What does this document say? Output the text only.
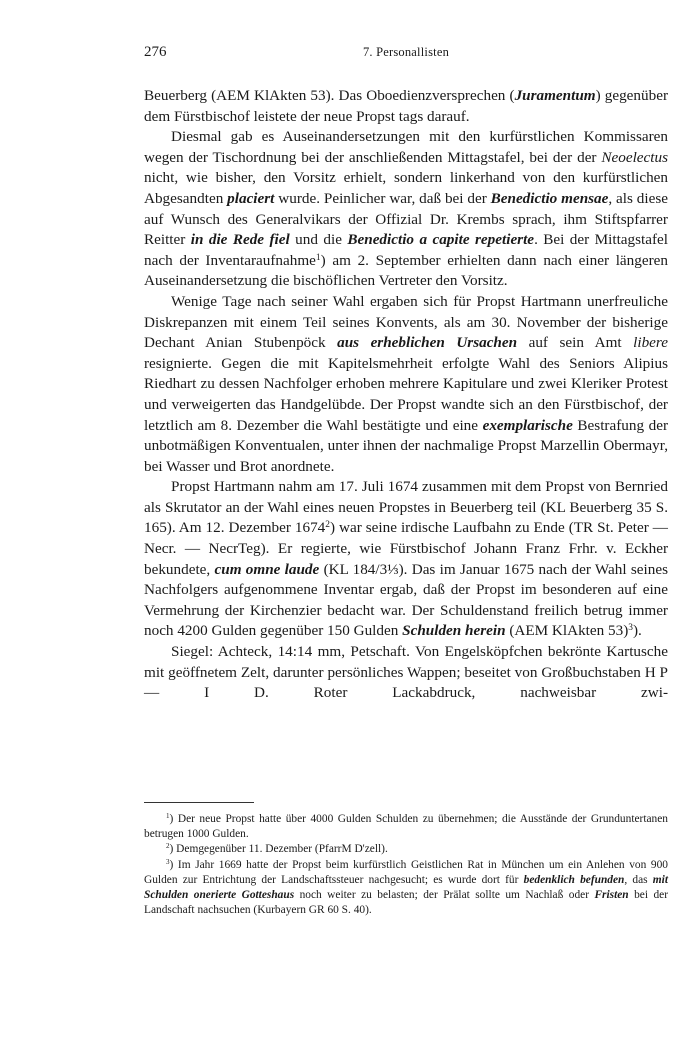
276	7. Personallisten

Beuerberg (AEM KlAkten 53). Das Oboedienzversprechen (Juramentum) gegenüber dem Fürstbischof leistete der neue Propst tags darauf.

Diesmal gab es Auseinandersetzungen mit den kurfürstlichen Kommissaren wegen der Tischordnung bei der anschließenden Mittagstafel, bei der der Neoelectus nicht, wie bisher, den Vorsitz erhielt, sondern linkerhand von den kurfürstlichen Abgesandten placiert wurde. Peinlicher war, daß bei der Benedictio mensae, als diese auf Wunsch des Generalvikars der Offizial Dr. Krembs sprach, ihm Stiftspfarrer Reitter in die Rede fiel und die Benedictio a capite repetierte. Bei der Mittagstafel nach der Inventaraufnahme$^1$) am 2. September erhielten dann nach einer längeren Auseinandersetzung die bischöflichen Vertreter den Vorsitz.

Wenige Tage nach seiner Wahl ergaben sich für Propst Hartmann unerfreuliche Diskrepanzen mit einem Teil seines Konvents, als am 30. November der bisherige Dechant Anian Stubenpöck aus erheblichen Ursachen auf sein Amt libere resignierte. Gegen die mit Kapitelsmehrheit erfolgte Wahl des Seniors Alipius Riedhart zu dessen Nachfolger erhoben mehrere Kapitulare und zwei Kleriker Protest und verweigerten das Handgelübde. Der Propst wandte sich an den Fürstbischof, der letztlich am 8. Dezember die Wahl bestätigte und eine exemplarische Bestrafung der unbotmäßigen Konventualen, unter ihnen der nachmalige Propst Marzellin Obermayr, bei Wasser und Brot anordnete.

Propst Hartmann nahm am 17. Juli 1674 zusammen mit dem Propst von Bernried als Skrutator an der Wahl eines neuen Propstes in Beuerberg teil (KL Beuerberg 35 S. 165). Am 12. Dezember 1674$^2$) war seine irdische Laufbahn zu Ende (TR St. Peter — Necr. — NecrTeg). Er regierte, wie Fürstbischof Johann Franz Frhr. v. Eckher bekundete, cum omne laude (KL 184/3⅓). Das im Januar 1675 nach der Wahl seines Nachfolgers aufgenommene Inventar ergab, daß der Propst im besonderen auf eine Vermehrung der Kirchenzier bedacht war. Der Schuldenstand freilich betrug immer noch 4200 Gulden gegenüber 150 Gulden Schulden herein (AEM KlAkten 53)$^3$).

Siegel: Achteck, 14:14 mm, Petschaft. Von Engelsköpfchen bekrönte Kartusche mit geöffnetem Zelt, darunter persönliches Wappen; beseitet von Großbuchstaben H P — I D. Roter Lackabdruck, nachweisbar zwi-

$^1$) Der neue Propst hatte über 4000 Gulden Schulden zu übernehmen; die Ausstände der Grunduntertanen betrugen 1000 Gulden.

$^2$) Demgegenüber 11. Dezember (PfarrM D'zell).

$^3$) Im Jahr 1669 hatte der Propst beim kurfürstlich Geistlichen Rat in München um ein Anlehen von 900 Gulden zur Entrichtung der Landschaftssteuer nachgesucht; es wurde dort für bedenklich befunden, das mit Schulden onerierte Gotteshaus noch weiter zu belasten; der Prälat sollte um Nachlaß oder Fristen bei der Landschaft nachsuchen (Kurbayern GR 60 S. 40).
